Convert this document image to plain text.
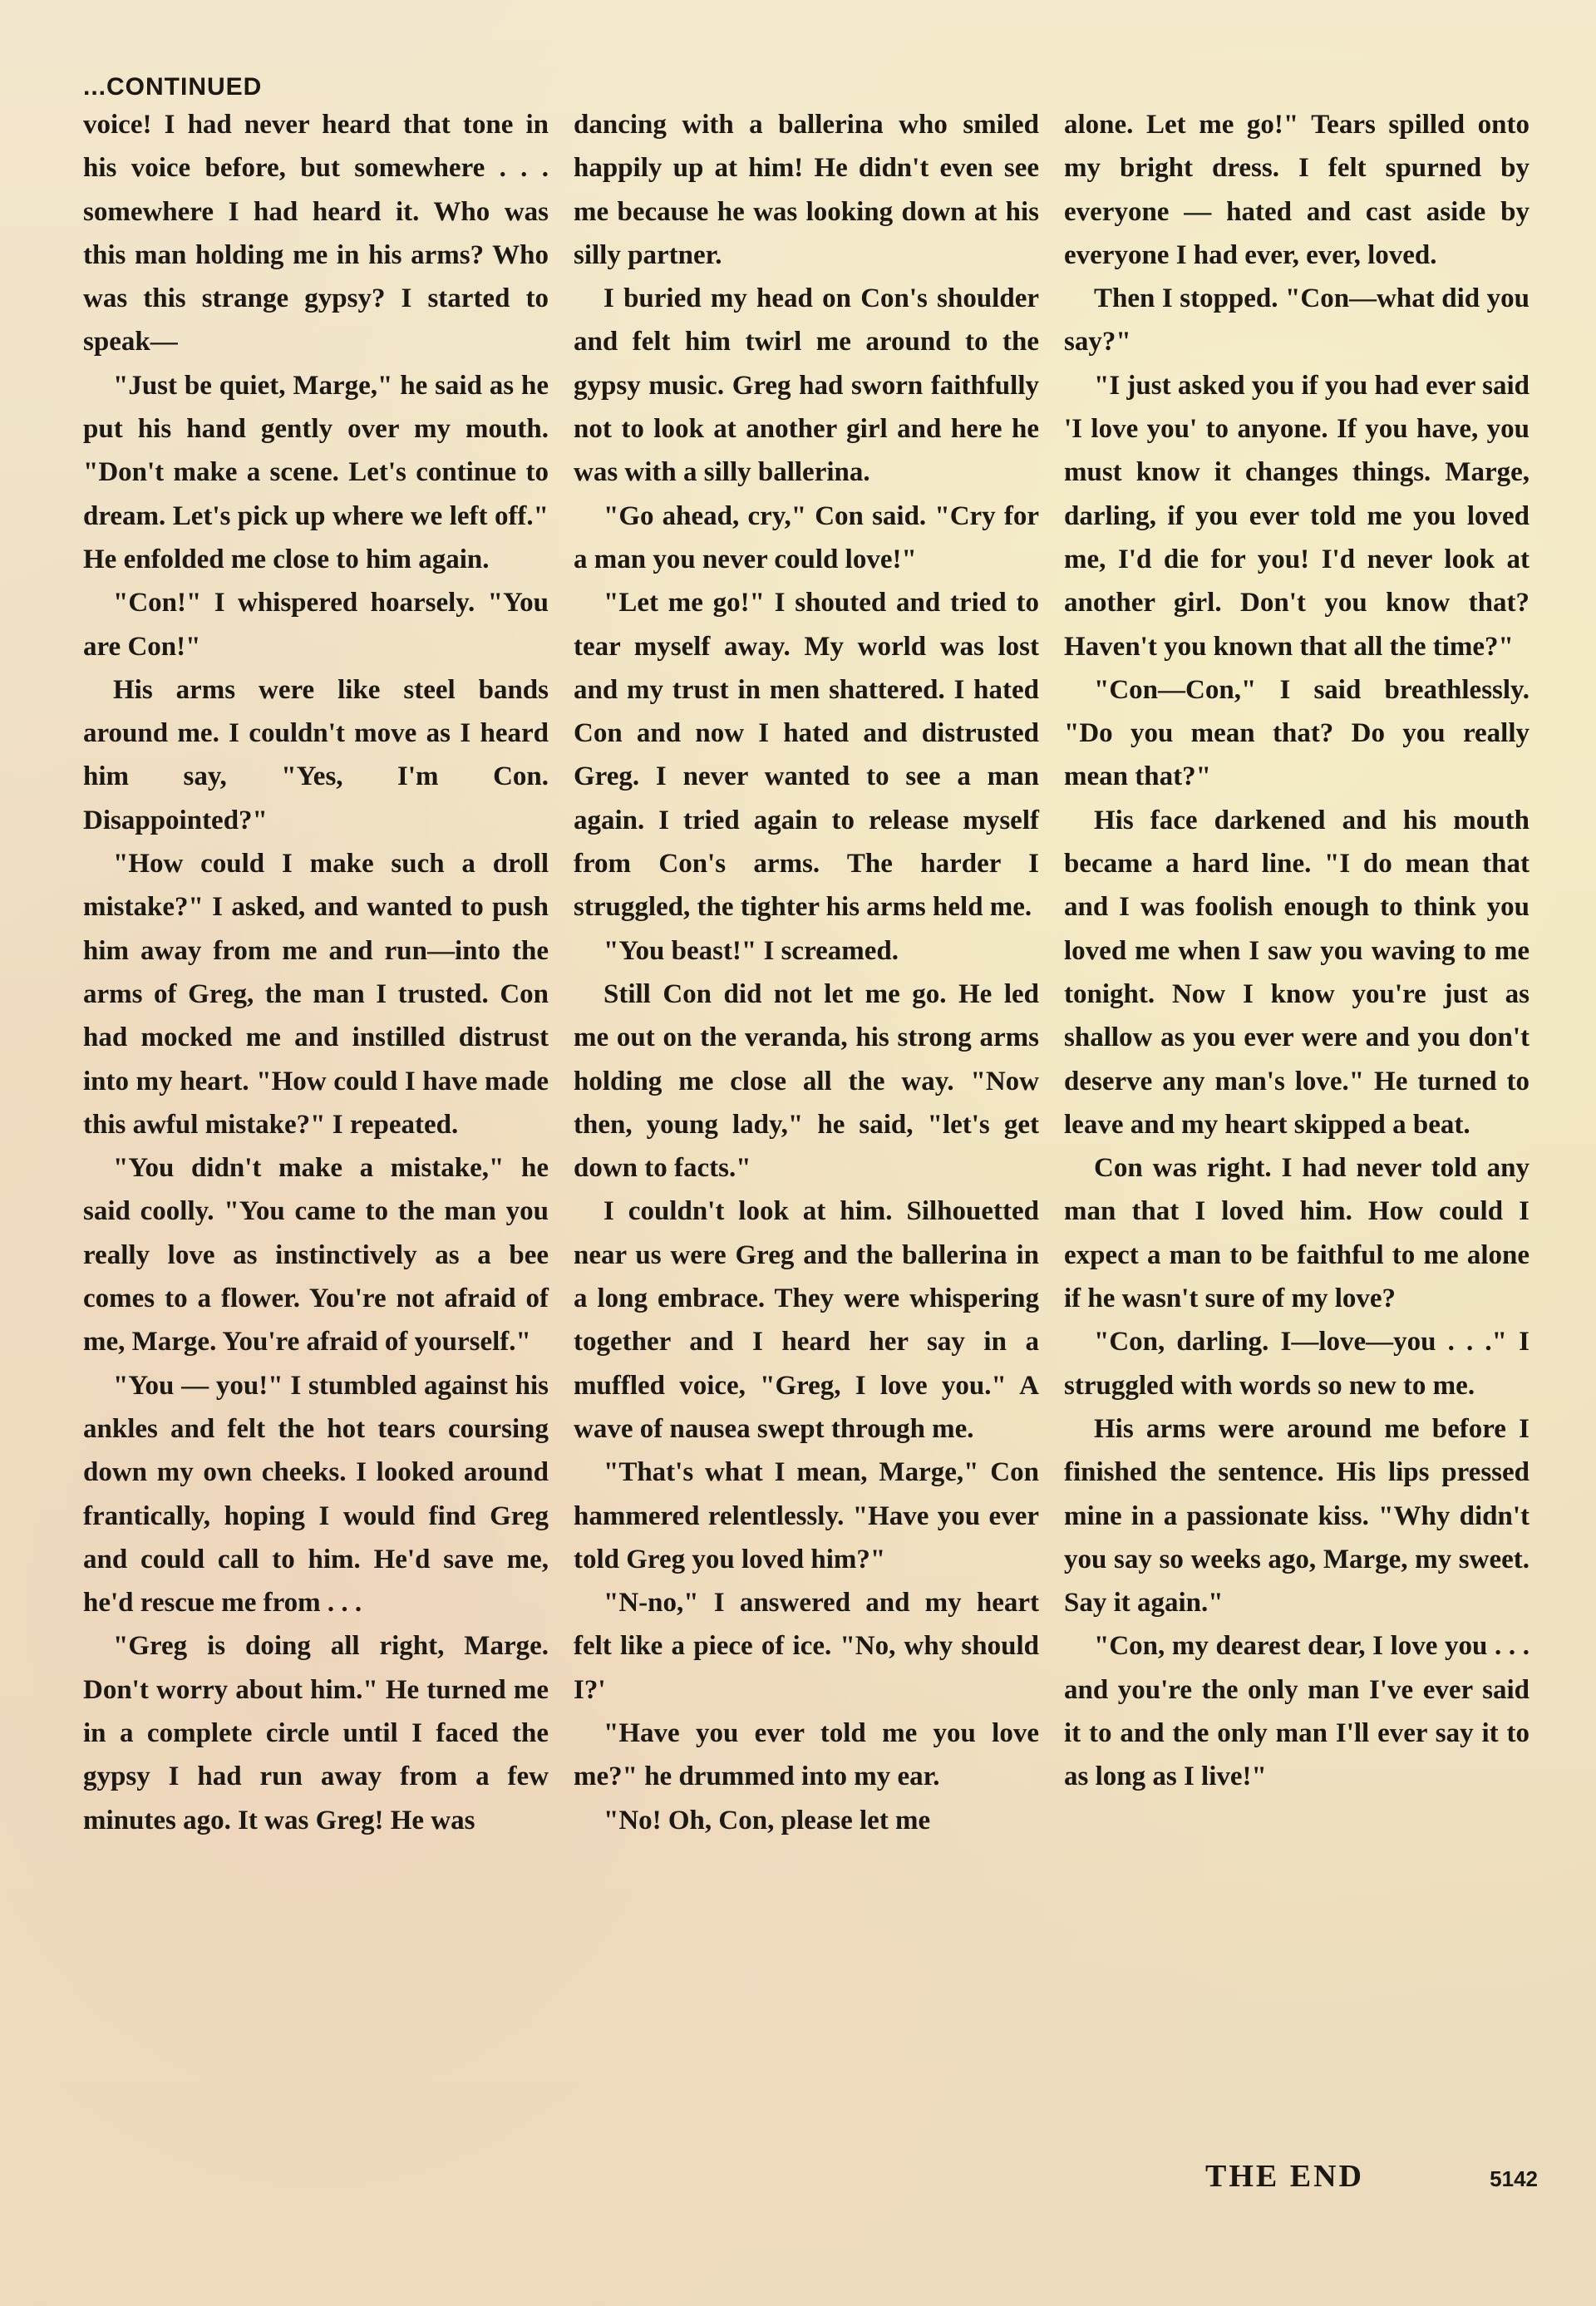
...CONTINUED

voice! I had never heard that tone in his voice before, but somewhere . . . somewhere I had heard it. Who was this man holding me in his arms? Who was this strange gypsy? I started to speak—

"Just be quiet, Marge," he said as he put his hand gently over my mouth. "Don't make a scene. Let's continue to dream. Let's pick up where we left off." He enfolded me close to him again.

"Con!" I whispered hoarsely. "You are Con!"

His arms were like steel bands around me. I couldn't move as I heard him say, "Yes, I'm Con. Disappointed?"

"How could I make such a droll mistake?" I asked, and wanted to push him away from me and run—into the arms of Greg, the man I trusted. Con had mocked me and instilled distrust into my heart. "How could I have made this awful mistake?" I repeated.

"You didn't make a mistake," he said coolly. "You came to the man you really love as instinctively as a bee comes to a flower. You're not afraid of me, Marge. You're afraid of yourself."

"You — you!" I stumbled against his ankles and felt the hot tears coursing down my own cheeks. I looked around frantically, hoping I would find Greg and could call to him. He'd save me, he'd rescue me from . . .

"Greg is doing all right, Marge. Don't worry about him." He turned me in a complete circle until I faced the gypsy I had run away from a few minutes ago. It was Greg! He was

dancing with a ballerina who smiled happily up at him! He didn't even see me because he was looking down at his silly partner.

I buried my head on Con's shoulder and felt him twirl me around to the gypsy music. Greg had sworn faithfully not to look at another girl and here he was with a silly ballerina.

"Go ahead, cry," Con said. "Cry for a man you never could love!"

"Let me go!" I shouted and tried to tear myself away. My world was lost and my trust in men shattered. I hated Con and now I hated and distrusted Greg. I never wanted to see a man again. I tried again to release myself from Con's arms. The harder I struggled, the tighter his arms held me.

"You beast!" I screamed.

Still Con did not let me go. He led me out on the veranda, his strong arms holding me close all the way. "Now then, young lady," he said, "let's get down to facts."

I couldn't look at him. Silhouetted near us were Greg and the ballerina in a long embrace. They were whispering together and I heard her say in a muffled voice, "Greg, I love you." A wave of nausea swept through me.

"That's what I mean, Marge," Con hammered relentlessly. "Have you ever told Greg you loved him?"

"N-no," I answered and my heart felt like a piece of ice. "No, why should I?'

"Have you ever told me you love me?" he drummed into my ear.

"No! Oh, Con, please let me

alone. Let me go!" Tears spilled onto my bright dress. I felt spurned by everyone — hated and cast aside by everyone I had ever, ever, loved.

Then I stopped. "Con—what did you say?"

"I just asked you if you had ever said 'I love you' to anyone. If you have, you must know it changes things. Marge, darling, if you ever told me you loved me, I'd die for you! I'd never look at another girl. Don't you know that? Haven't you known that all the time?"

"Con—Con," I said breathlessly. "Do you mean that? Do you really mean that?"

His face darkened and his mouth became a hard line. "I do mean that and I was foolish enough to think you loved me when I saw you waving to me tonight. Now I know you're just as shallow as you ever were and you don't deserve any man's love." He turned to leave and my heart skipped a beat.

Con was right. I had never told any man that I loved him. How could I expect a man to be faithful to me alone if he wasn't sure of my love?

"Con, darling. I—love—you . . ." I struggled with words so new to me.

His arms were around me before I finished the sentence. His lips pressed mine in a passionate kiss. "Why didn't you say so weeks ago, Marge, my sweet. Say it again."

"Con, my dearest dear, I love you . . . and you're the only man I've ever said it to and the only man I'll ever say it to as long as I live!"

THE END	5142
